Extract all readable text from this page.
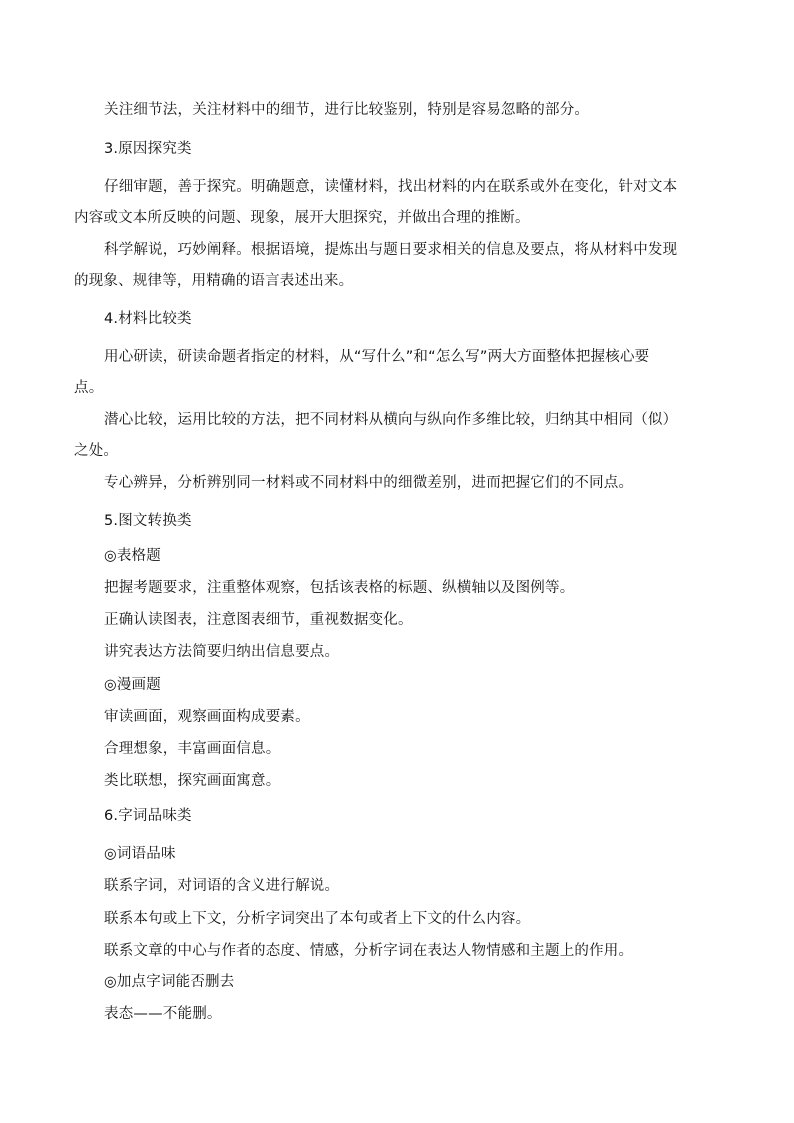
关注细节法，关注材料中的细节，进行比较鉴别，特别是容易忽略的部分。
3.原因探究类
仔细审题，善于探究。明确题意，读懂材料，找出材料的内在联系或外在变化，针对文本
内容或文本所反映的问题、现象，展开大胆探究，并做出合理的推断。
科学解说，巧妙阐释。根据语境，提炼出与题日要求相关的信息及要点，将从材料中发现
的现象、规律等，用精确的语言表述出来。
4.材料比较类
用心研读，研读命题者指定的材料，从“写什么”和“怎么写”两大方面整体把握核心要
点。
潜心比较，运用比较的方法，把不同材料从横向与纵向作多维比较，归纳其中相同（似）
之处。
专心辨异，分析辨别同一材料或不同材料中的细微差别，进而把握它们的不同点。
5.图文转换类
◎表格题
把握考题要求，注重整体观察，包括该表格的标题、纵横轴以及图例等。
正确认读图表，注意图表细节，重视数据变化。
讲究表达方法简要归纳出信息要点。
◎漫画题
审读画面，观察画面构成要素。
合理想象，丰富画面信息。
类比联想，探究画面寓意。
6.字词品味类
◎词语品味
联系字词，对词语的含义进行解说。
联系本句或上下文，分析字词突出了本句或者上下文的什么内容。
联系文章的中心与作者的态度、情感，分析字词在表达人物情感和主题上的作用。
◎加点字词能否删去
表态——不能删。
